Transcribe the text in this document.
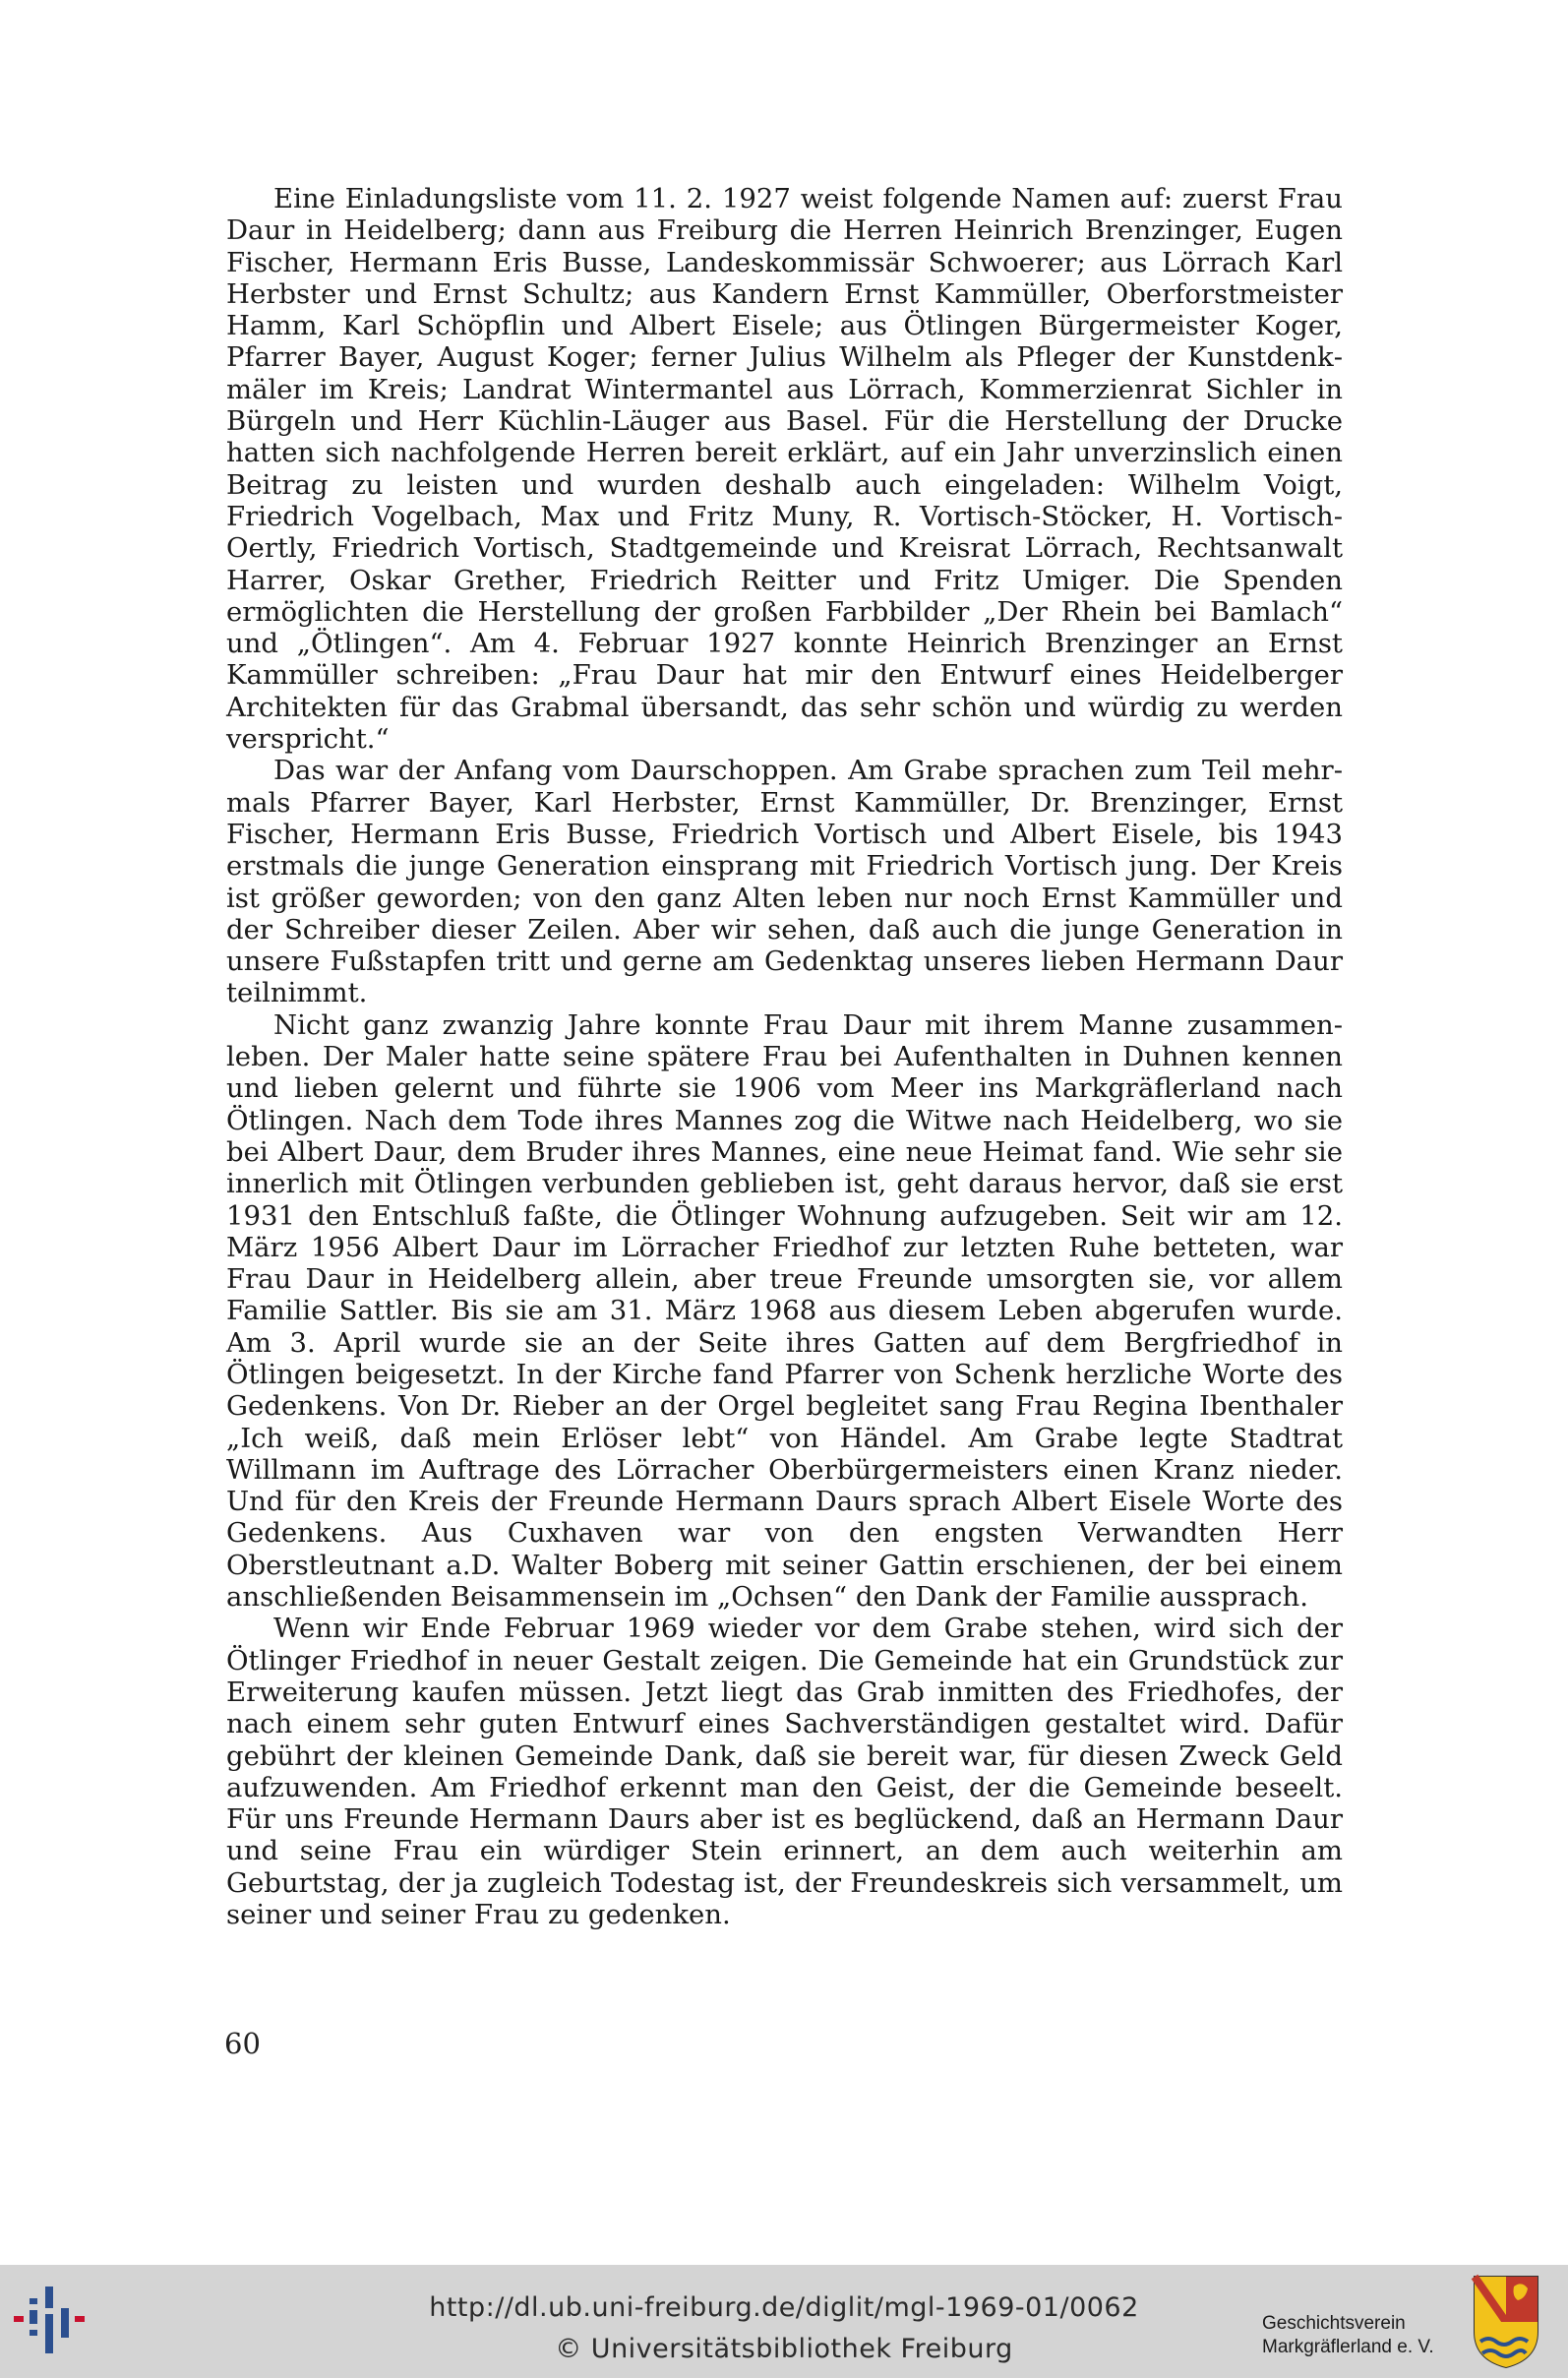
Eine Einladungsliste vom 11. 2. 1927 weist folgende Namen auf: zuerst Frau Daur in Heidelberg; dann aus Freiburg die Herren Heinrich Brenzinger, Eugen Fischer, Hermann Eris Busse, Landeskommissär Schwoerer; aus Lörrach Karl Herbster und Ernst Schultz; aus Kandern Ernst Kammüller, Oberforstmeister Hamm, Karl Schöpflin und Albert Eisele; aus Ötlingen Bürgermeister Koger, Pfarrer Bayer, August Koger; ferner Julius Wilhelm als Pfleger der Kunstdenkmäler im Kreis; Landrat Wintermantel aus Lörrach, Kommerzienrat Sichler in Bürgeln und Herr Küchlin-Läuger aus Basel. Für die Herstellung der Drucke hatten sich nachfolgende Herren bereit erklärt, auf ein Jahr unverzinslich einen Beitrag zu leisten und wurden deshalb auch eingeladen: Wilhelm Voigt, Friedrich Vogelbach, Max und Fritz Muny, R. Vortisch-Stöcker, H. Vortisch-Oertly, Friedrich Vortisch, Stadtgemeinde und Kreisrat Lörrach, Rechtsanwalt Harrer, Oskar Grether, Friedrich Reitter und Fritz Umiger. Die Spenden ermöglichten die Herstellung der großen Farbbilder „Der Rhein bei Bamlach“ und „Ötlingen“. Am 4. Februar 1927 konnte Heinrich Brenzinger an Ernst Kammüller schreiben: „Frau Daur hat mir den Entwurf eines Heidelberger Architekten für das Grabmal übersandt, das sehr schön und würdig zu werden verspricht.“

Das war der Anfang vom Daurschoppen. Am Grabe sprachen zum Teil mehrmals Pfarrer Bayer, Karl Herbster, Ernst Kammüller, Dr. Brenzinger, Ernst Fischer, Hermann Eris Busse, Friedrich Vortisch und Albert Eisele, bis 1943 erstmals die junge Generation einsprang mit Friedrich Vortisch jung. Der Kreis ist größer geworden; von den ganz Alten leben nur noch Ernst Kammüller und der Schreiber dieser Zeilen. Aber wir sehen, daß auch die junge Generation in unsere Fußstapfen tritt und gerne am Gedenktag unseres lieben Hermann Daur teilnimmt.

Nicht ganz zwanzig Jahre konnte Frau Daur mit ihrem Manne zusammenleben. Der Maler hatte seine spätere Frau bei Aufenthalten in Duhnen kennen und lieben gelernt und führte sie 1906 vom Meer ins Markgräflerland nach Ötlingen. Nach dem Tode ihres Mannes zog die Witwe nach Heidelberg, wo sie bei Albert Daur, dem Bruder ihres Mannes, eine neue Heimat fand. Wie sehr sie innerlich mit Ötlingen verbunden geblieben ist, geht daraus hervor, daß sie erst 1931 den Entschluß faßte, die Ötlinger Wohnung aufzugeben. Seit wir am 12. März 1956 Albert Daur im Lörracher Friedhof zur letzten Ruhe betteten, war Frau Daur in Heidelberg allein, aber treue Freunde umsorgten sie, vor allem Familie Sattler. Bis sie am 31. März 1968 aus diesem Leben abgerufen wurde. Am 3. April wurde sie an der Seite ihres Gatten auf dem Bergfriedhof in Ötlingen beigesetzt. In der Kirche fand Pfarrer von Schenk herzliche Worte des Gedenkens. Von Dr. Rieber an der Orgel begleitet sang Frau Regina Ibenthaler „Ich weiß, daß mein Erlöser lebt“ von Händel. Am Grabe legte Stadtrat Willmann im Auftrage des Lörracher Oberbürgermeisters einen Kranz nieder. Und für den Kreis der Freunde Hermann Daurs sprach Albert Eisele Worte des Gedenkens. Aus Cuxhaven war von den engsten Verwandten Herr Oberstleutnant a.D. Walter Boberg mit seiner Gattin erschienen, der bei einem anschließenden Beisammensein im „Ochsen“ den Dank der Familie aussprach.

Wenn wir Ende Februar 1969 wieder vor dem Grabe stehen, wird sich der Ötlinger Friedhof in neuer Gestalt zeigen. Die Gemeinde hat ein Grundstück zur Erweiterung kaufen müssen. Jetzt liegt das Grab inmitten des Friedhofes, der nach einem sehr guten Entwurf eines Sachverständigen gestaltet wird. Dafür gebührt der kleinen Gemeinde Dank, daß sie bereit war, für diesen Zweck Geld aufzuwenden. Am Friedhof erkennt man den Geist, der die Gemeinde beseelt. Für uns Freunde Hermann Daurs aber ist es beglückend, daß an Hermann Daur und seine Frau ein würdiger Stein erinnert, an dem auch weiterhin am Geburtstag, der ja zugleich Todestag ist, der Freundeskreis sich versammelt, um seiner und seiner Frau zu gedenken.

60
http://dl.ub.uni-freiburg.de/diglit/mgl-1969-01/0062
© Universitätsbibliothek Freiburg
Geschichtsverein
Markgräflerland e. V.
